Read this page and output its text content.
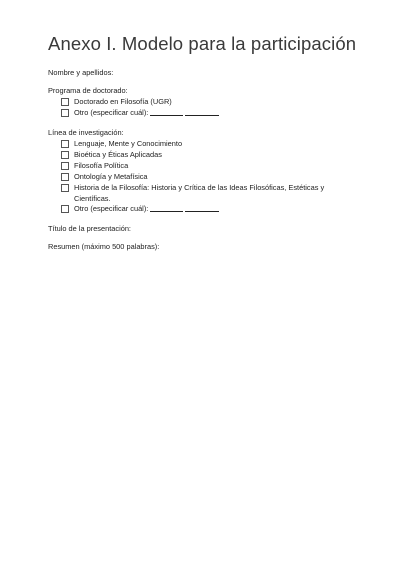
Anexo I. Modelo para la participación
Nombre y apellidos:
Programa de doctorado:
Doctorado en Filosofía (UGR)
Otro (especificar cuál):
Línea de investigación:
Lenguaje, Mente y Conocimiento
Bioética y Éticas Aplicadas
Filosofía Política
Ontología y Metafísica
Historia de la Filosofía: Historia y Crítica de las Ideas Filosóficas, Estéticas y Científicas.
Otro (especificar cuál):
Título de la presentación:
Resumen (máximo 500 palabras):
